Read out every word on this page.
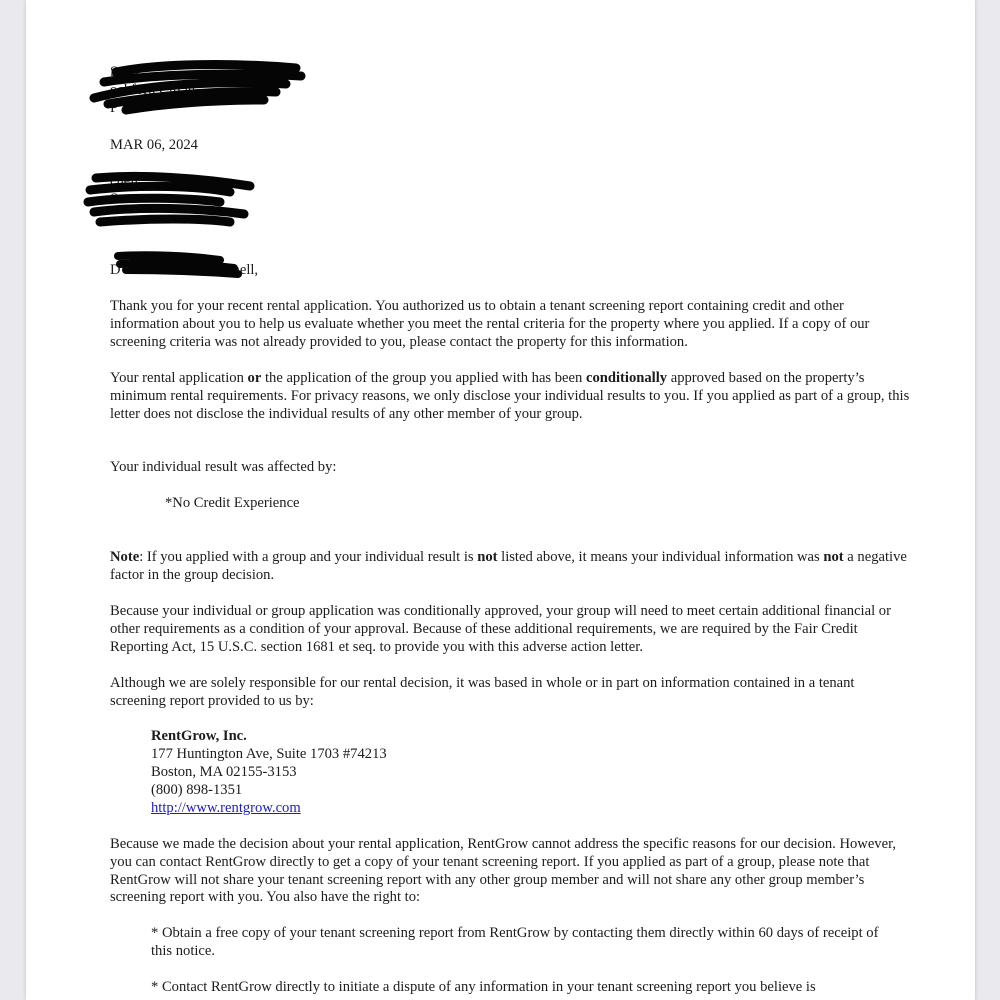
S nts
ockford Circle
P 8
MAR 06, 2024
chell
St
D	hell,

Thank you for your recent rental application. You authorized us to obtain a tenant screening report containing credit and other information about you to help us evaluate whether you meet the rental criteria for the property where you applied. If a copy of our screening criteria was not already provided to you, please contact the property for this information.

Your rental application or the application of the group you applied with has been conditionally approved based on the property’s minimum rental requirements. For privacy reasons, we only disclose your individual results to you. If you applied as part of a group, this letter does not disclose the individual results of any other member of your group.

Your individual result was affected by:
*No Credit Experience

Note: If you applied with a group and your individual result is not listed above, it means your individual information was not a negative factor in the group decision.

Because your individual or group application was conditionally approved, your group will need to meet certain additional financial or other requirements as a condition of your approval. Because of these additional requirements, we are required by the Fair Credit Reporting Act, 15 U.S.C. section 1681 et seq. to provide you with this adverse action letter.

Although we are solely responsible for our rental decision, it was based in whole or in part on information contained in a tenant screening report provided to us by:

RentGrow, Inc.
177 Huntington Ave, Suite 1703 #74213
Boston, MA 02155-3153
(800) 898-1351
http://www.rentgrow.com

Because we made the decision about your rental application, RentGrow cannot address the specific reasons for our decision. However, you can contact RentGrow directly to get a copy of your tenant screening report. If you applied as part of a group, please note that RentGrow will not share your tenant screening report with any other group member and will not share any other group member’s screening report with you. You also have the right to:

* Obtain a free copy of your tenant screening report from RentGrow by contacting them directly within 60 days of receipt of this notice.

* Contact RentGrow directly to initiate a dispute of any information in your tenant screening report you believe is
